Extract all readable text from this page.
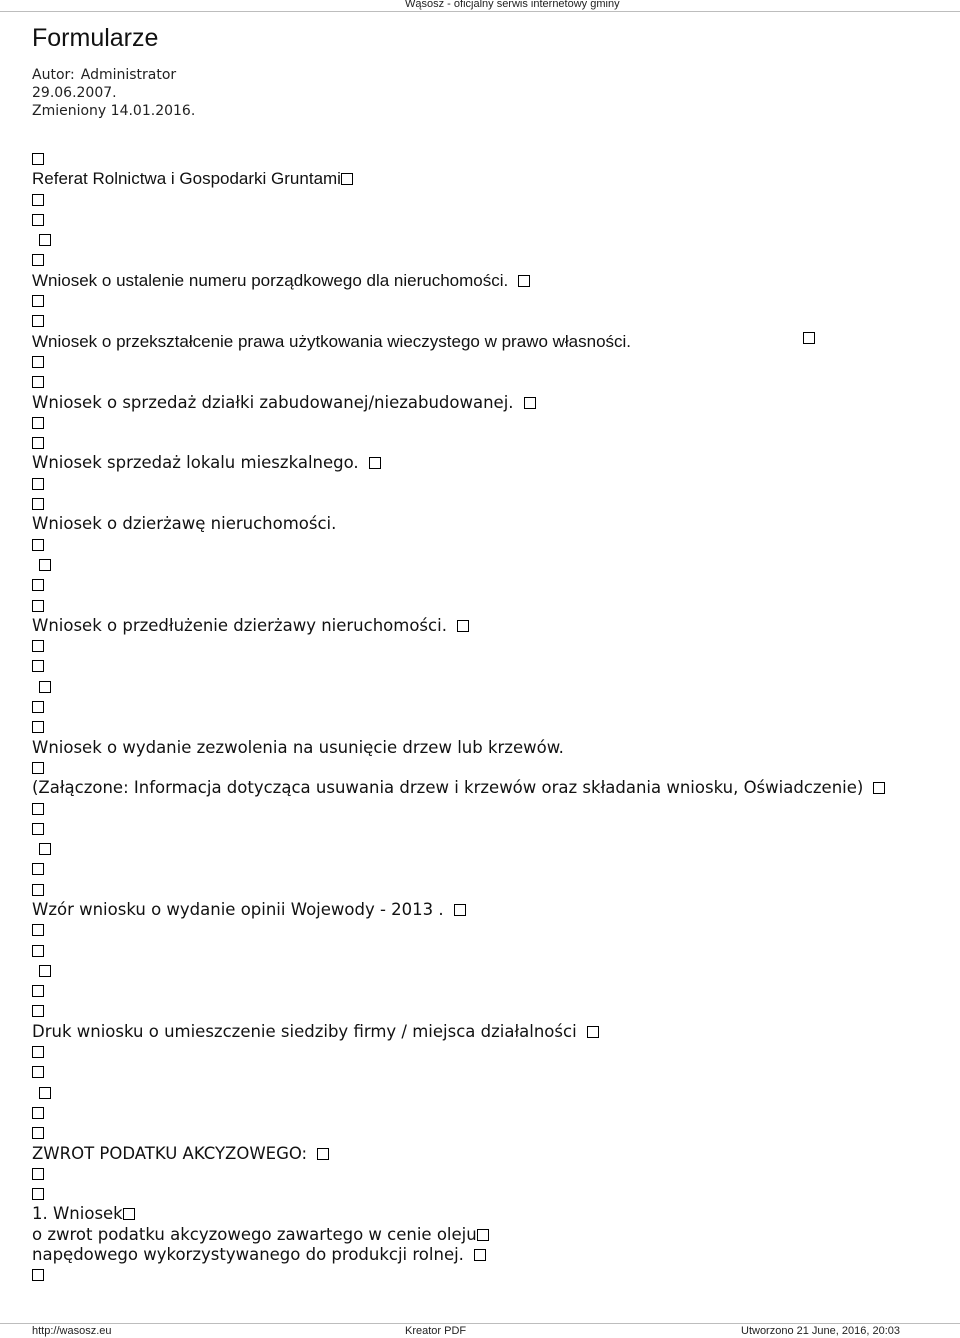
Wąsosz - oficjalny serwis internetowy gminy
Formularze
Autor: Administrator
29.06.2007.
Zmieniony 14.01.2016.
Referat Rolnictwa i Gospodarki Gruntami
Wniosek o ustalenie numeru porządkowego dla nieruchomości.
Wniosek o przekształcenie prawa użytkowania wieczystego w prawo własności.
Wniosek o sprzedaż działki zabudowanej/niezabudowanej.
Wniosek sprzedaż lokalu mieszkalnego.
Wniosek o dzierżawę nieruchomości.
Wniosek o przedłużenie dzierżawy nieruchomości.
Wniosek o wydanie zezwolenia na usunięcie drzew lub krzewów.
(Załączone: Informacja dotycząca usuwania drzew i krzewów oraz składania wniosku, Oświadczenie)
Wzór wniosku o wydanie opinii Wojewody - 2013 .
Druk wniosku o umieszczenie siedziby firmy / miejsca działalności
ZWROT PODATKU AKCYZOWEGO:
1. Wniosek
o zwrot podatku akcyzowego zawartego w cenie oleju
napędowego wykorzystywanego do produkcji rolnej.
http://wasosz.eu	Kreator PDF	Utworzono 21 June, 2016, 20:03
